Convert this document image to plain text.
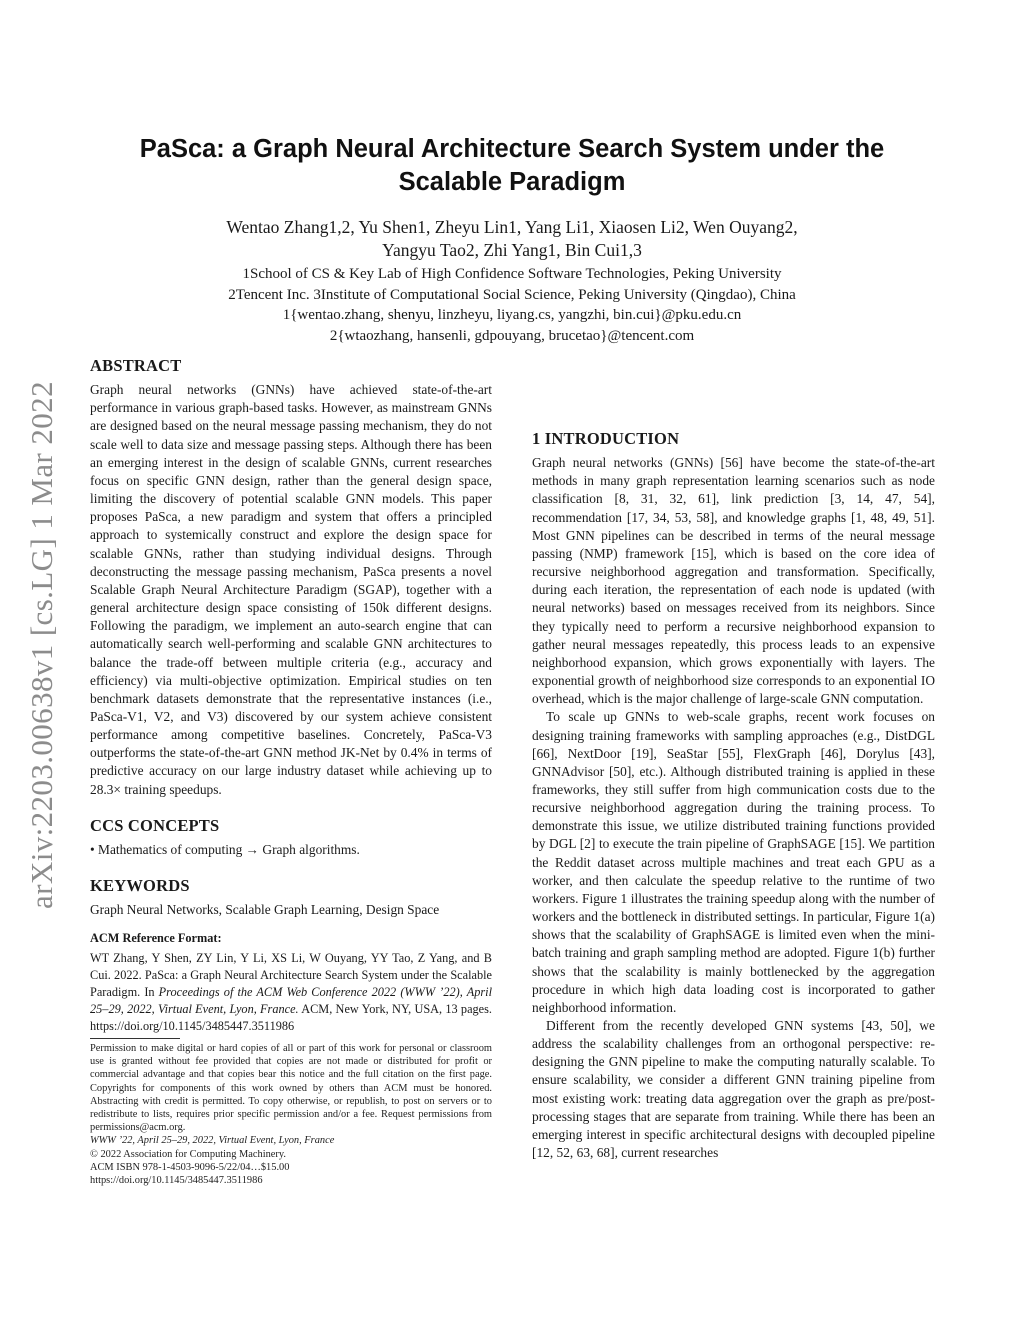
PaSca: a Graph Neural Architecture Search System under the
Scalable Paradigm
Wentao Zhang1,2, Yu Shen1, Zheyu Lin1, Yang Li1, Xiaosen Li2, Wen Ouyang2,
Yangyu Tao2, Zhi Yang1, Bin Cui1,3
1School of CS & Key Lab of High Confidence Software Technologies, Peking University
2Tencent Inc. 3Institute of Computational Social Science, Peking University (Qingdao), China
1{wentao.zhang, shenyu, linzheyu, liyang.cs, yangzhi, bin.cui}@pku.edu.cn
2{wtaozhang, hansenli, gdpouyang, brucetao}@tencent.com
arXiv:2203.00638v1 [cs.LG] 1 Mar 2022
ABSTRACT

Graph neural networks (GNNs) have achieved state-of-the-art performance in various graph-based tasks. However, as mainstream GNNs are designed based on the neural message passing mechanism, they do not scale well to data size and message passing steps. Although there has been an emerging interest in the design of scalable GNNs, current researches focus on specific GNN design, rather than the general design space, limiting the discovery of potential scalable GNN models. This paper proposes PaSca, a new paradigm and system that offers a principled approach to systemically construct and explore the design space for scalable GNNs, rather than studying individual designs. Through deconstructing the message passing mechanism, PaSca presents a novel Scalable Graph Neural Architecture Paradigm (SGAP), together with a general architecture design space consisting of 150k different designs. Following the paradigm, we implement an auto-search engine that can automatically search well-performing and scalable GNN architectures to balance the trade-off between multiple criteria (e.g., accuracy and efficiency) via multi-objective optimization. Empirical studies on ten benchmark datasets demonstrate that the representative instances (i.e., PaSca-V1, V2, and V3) discovered by our system achieve consistent performance among competitive baselines. Concretely, PaSca-V3 outperforms the state-of-the-art GNN method JK-Net by 0.4% in terms of predictive accuracy on our large industry dataset while achieving up to 28.3× training speedups.

CCS CONCEPTS

• Mathematics of computing → Graph algorithms.

KEYWORDS

Graph Neural Networks, Scalable Graph Learning, Design Space

ACM Reference Format:

WT Zhang, Y Shen, ZY Lin, Y Li, XS Li, W Ouyang, YY Tao, Z Yang, and B Cui. 2022. PaSca: a Graph Neural Architecture Search System under the Scalable Paradigm. In Proceedings of the ACM Web Conference 2022 (WWW ’22), April 25–29, 2022, Virtual Event, Lyon, France. ACM, New York, NY, USA, 13 pages. https://doi.org/10.1145/3485447.3511986

Permission to make digital or hard copies of all or part of this work for personal or classroom use is granted without fee provided that copies are not made or distributed for profit or commercial advantage and that copies bear this notice and the full citation on the first page. Copyrights for components of this work owned by others than ACM must be honored. Abstracting with credit is permitted. To copy otherwise, or republish, to post on servers or to redistribute to lists, requires prior specific permission and/or a fee. Request permissions from permissions@acm.org.

WWW ’22, April 25–29, 2022, Virtual Event, Lyon, France

© 2022 Association for Computing Machinery.

ACM ISBN 978-1-4503-9096-5/22/04…$15.00

https://doi.org/10.1145/3485447.3511986

1 INTRODUCTION

Graph neural networks (GNNs) [56] have become the state-of-the-art methods in many graph representation learning scenarios such as node classification [8, 31, 32, 61], link prediction [3, 14, 47, 54], recommendation [17, 34, 53, 58], and knowledge graphs [1, 48, 49, 51]. Most GNN pipelines can be described in terms of the neural message passing (NMP) framework [15], which is based on the core idea of recursive neighborhood aggregation and transformation. Specifically, during each iteration, the representation of each node is updated (with neural networks) based on messages received from its neighbors. Since they typically need to perform a recursive neighborhood expansion to gather neural messages repeatedly, this process leads to an expensive neighborhood expansion, which grows exponentially with layers. The exponential growth of neighborhood size corresponds to an exponential IO overhead, which is the major challenge of large-scale GNN computation.

To scale up GNNs to web-scale graphs, recent work focuses on designing training frameworks with sampling approaches (e.g., DistDGL [66], NextDoor [19], SeaStar [55], FlexGraph [46], Dorylus [43], GNNAdvisor [50], etc.). Although distributed training is applied in these frameworks, they still suffer from high communication costs due to the recursive neighborhood aggregation during the training process. To demonstrate this issue, we utilize distributed training functions provided by DGL [2] to execute the train pipeline of GraphSAGE [15]. We partition the Reddit dataset across multiple machines and treat each GPU as a worker, and then calculate the speedup relative to the runtime of two workers. Figure 1 illustrates the training speedup along with the number of workers and the bottleneck in distributed settings. In particular, Figure 1(a) shows that the scalability of GraphSAGE is limited even when the mini-batch training and graph sampling method are adopted. Figure 1(b) further shows that the scalability is mainly bottlenecked by the aggregation procedure in which high data loading cost is incorporated to gather neighborhood information.

Different from the recently developed GNN systems [43, 50], we address the scalability challenges from an orthogonal perspective: re-designing the GNN pipeline to make the computing naturally scalable. To ensure scalability, we consider a different GNN training pipeline from most existing work: treating data aggregation over the graph as pre/post-processing stages that are separate from training. While there has been an emerging interest in specific architectural designs with decoupled pipeline [12, 52, 63, 68], current researches
